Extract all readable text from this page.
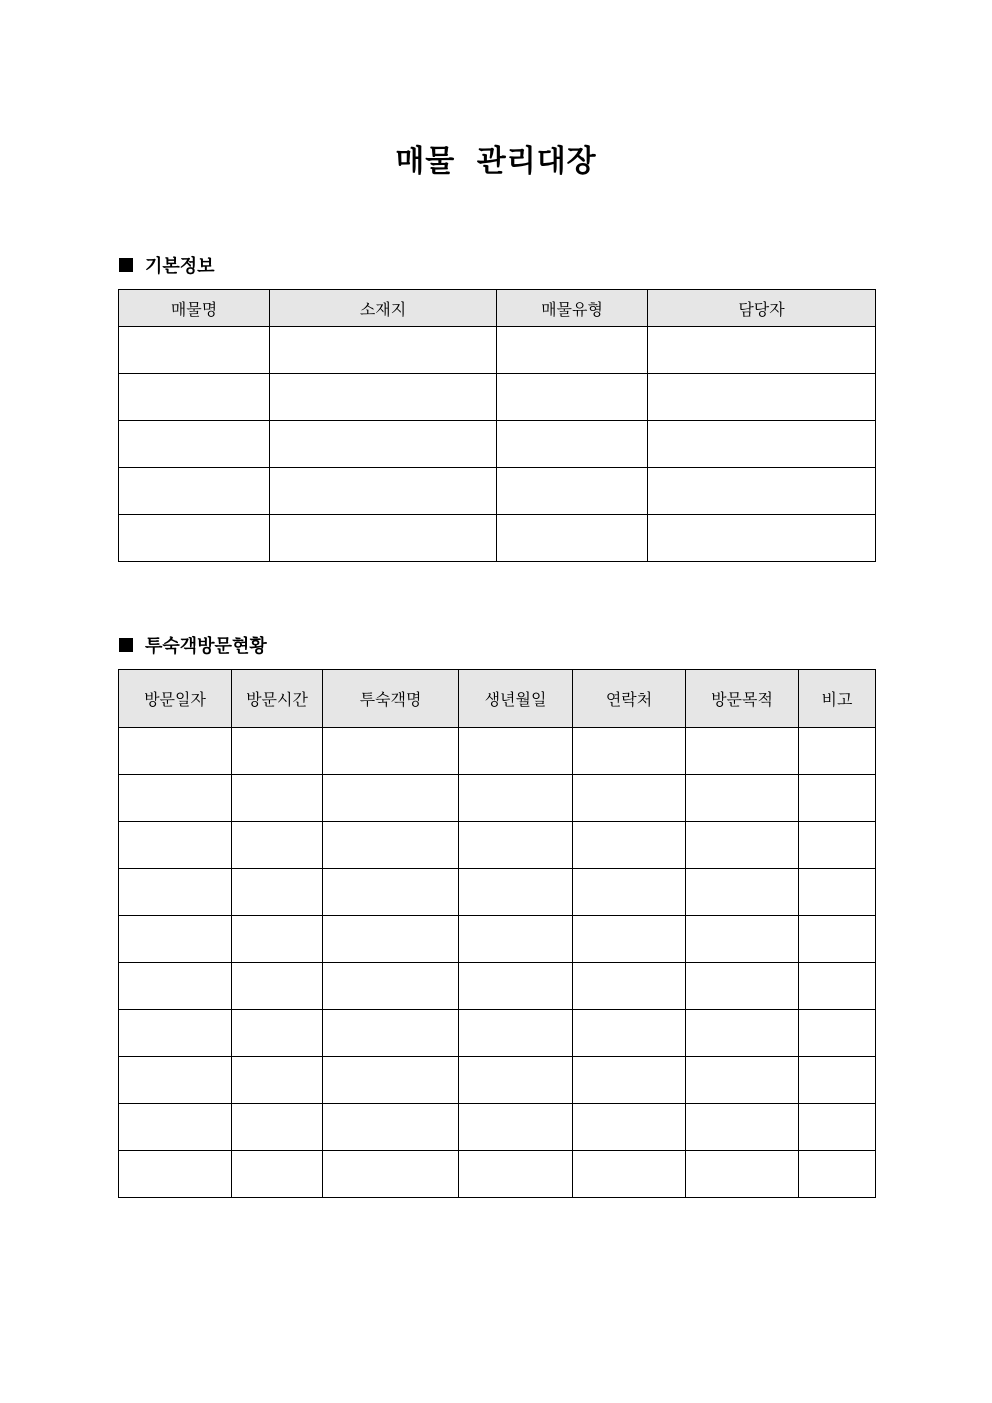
매물 관리대장
기본정보
매물명	소재지	매물유형	담당자

투숙객방문현황
방문일자	방문시간	투숙객명	생년월일	연락처	방문목적	비고
